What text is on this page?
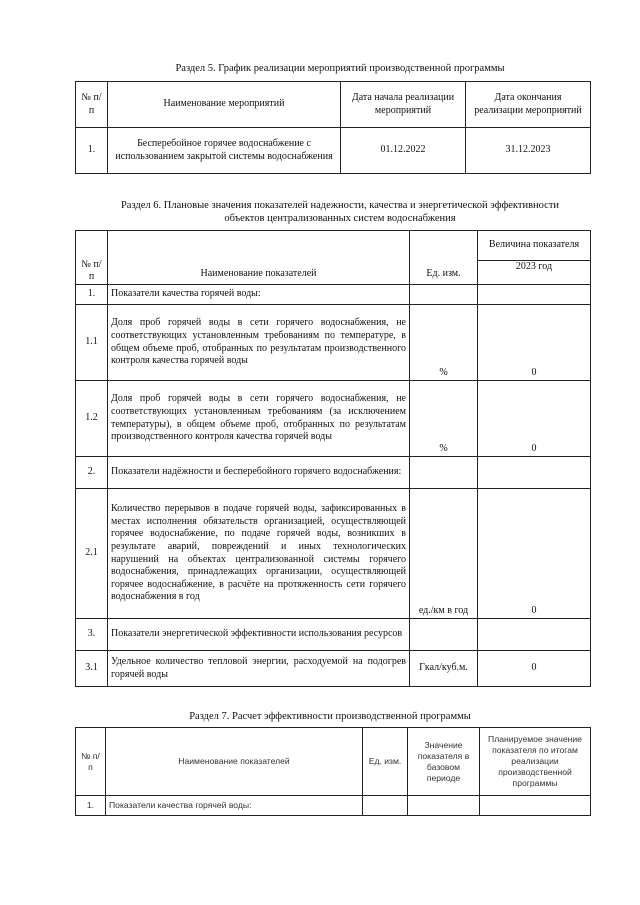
Раздел 5. График реализации мероприятий производственной программы
№ п/п	Наименование мероприятий	Дата начала реализации мероприятий	Дата окончания реализации мероприятий
1.	Бесперебойное горячее водоснабжение с использованием закрытой системы водоснабжения	01.12.2022	31.12.2023
Раздел 6. Плановые значения показателей надежности, качества и энергетической эффективности
объектов централизованных систем водоснабжения
№ п/п	Наименование показателей	Ед. изм.	Величина показателя
			2023 год
1.	Показатели качества горячей воды:		
1.1	Доля проб горячей воды в сети горячего водоснабжения, не соответствующих установленным требованиям по температуре, в общем объеме проб, отобранных по результатам производственного контроля качества горячей воды	%	0
1.2	Доля проб горячей воды в сети горячего водоснабжения, не соответствующих установленным требованиям (за исключением температуры), в общем объеме проб, отобранных по результатам производственного контроля качества горячей воды	%	0
2.	Показатели надёжности и бесперебойного горячего водоснабжения:		
2.1	Количество перерывов в подаче горячей воды, зафиксированных в местах исполнения обязательств организацией, осуществляющей горячее водоснабжение, по подаче горячей воды, возникших в результате аварий, повреждений и иных технологических нарушений на объектах централизованной системы горячего водоснабжения, принадлежащих организации, осуществляющей горячее водоснабжение, в расчёте на протяженность сети горячего водоснабжения в год	ед./км в год	0
3.	Показатели энергетической эффективности использования ресурсов		
3.1	Удельное количество тепловой энергии, расходуемой на подогрев горячей воды	Гкал/куб.м.	0
Раздел 7. Расчет эффективности производственной программы
№ п/п	Наименование показателей	Ед. изм.	Значение показателя в базовом периоде	Планируемое значение показателя по итогам реализации производственной программы
1.	Показатели качества горячей воды:			
